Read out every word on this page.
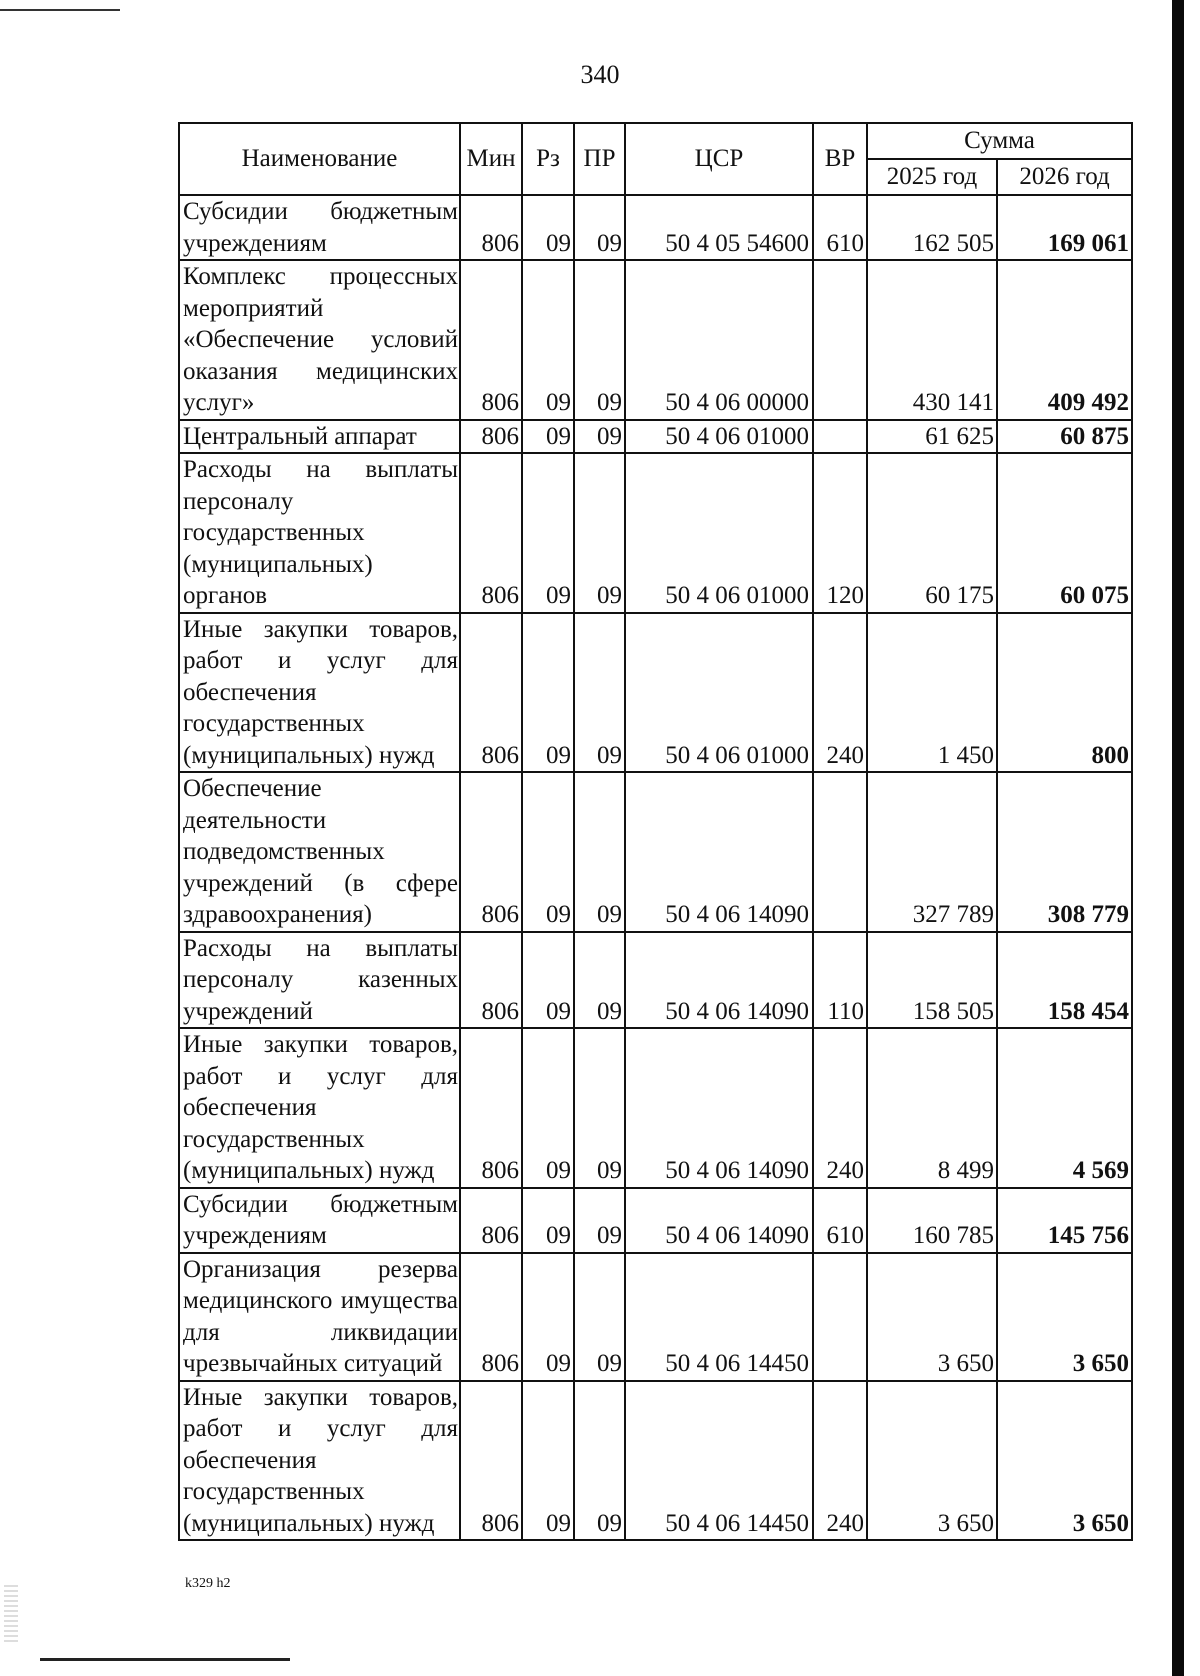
340
Наименование	Мин	Рз	ПР	ЦСР	ВР	Сумма	
						2025 год	2026 год
Субсидии бюджетным учреждениям	806	09	09	50 4 05 54600	610	162 505	169 061
Комплекс процессных мероприятий «Обеспечение условий оказания медицинских услуг»	806	09	09	50 4 06 00000		430 141	409 492
Центральный аппарат	806	09	09	50 4 06 01000		61 625	60 875
Расходы на выплаты персоналу государственных (муниципальных) органов	806	09	09	50 4 06 01000	120	60 175	60 075
Иные закупки товаров, работ и услуг для обеспечения государственных (муниципальных) нужд	806	09	09	50 4 06 01000	240	1 450	800
Обеспечение деятельности подведомственных учреждений (в сфере здравоохранения)	806	09	09	50 4 06 14090		327 789	308 779
Расходы на выплаты персоналу казенных учреждений	806	09	09	50 4 06 14090	110	158 505	158 454
Иные закупки товаров, работ и услуг для обеспечения государственных (муниципальных) нужд	806	09	09	50 4 06 14090	240	8 499	4 569
Субсидии бюджетным учреждениям	806	09	09	50 4 06 14090	610	160 785	145 756
Организация резерва медицинского имущества для ликвидации чрезвычайных ситуаций	806	09	09	50 4 06 14450		3 650	3 650
Иные закупки товаров, работ и услуг для обеспечения государственных (муниципальных) нужд	806	09	09	50 4 06 14450	240	3 650	3 650
k329 h2
